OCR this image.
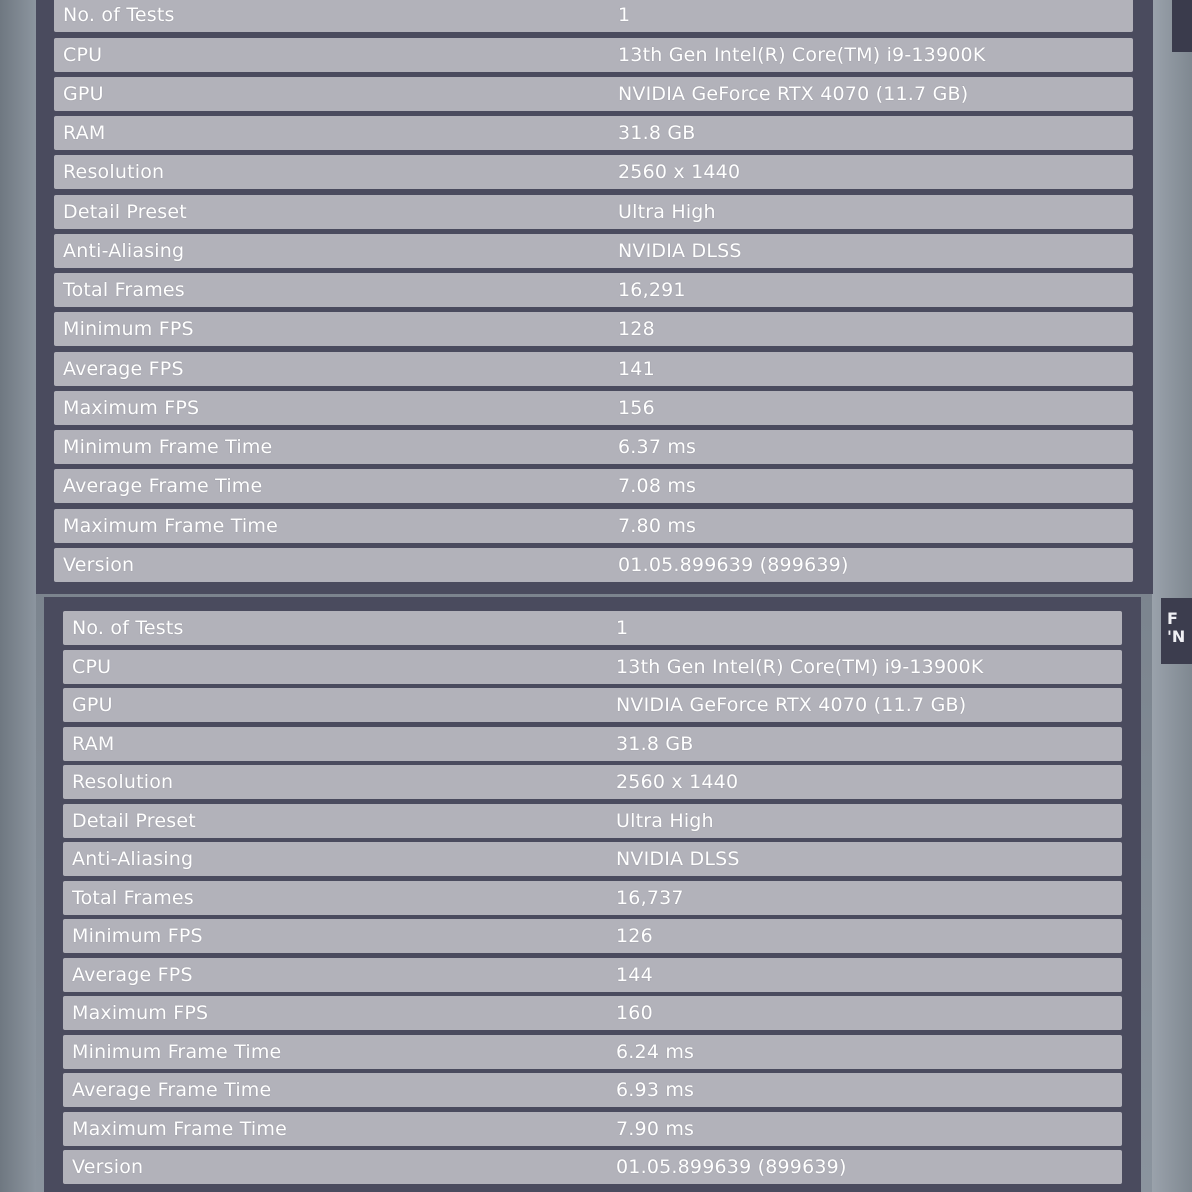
F
'N
No. of Tests	1
CPU	13th Gen Intel(R) Core(TM) i9-13900K
GPU	NVIDIA GeForce RTX 4070 (11.7 GB)
RAM	31.8 GB
Resolution	2560 x 1440
Detail Preset	Ultra High
Anti-Aliasing	NVIDIA DLSS
Total Frames	16,291
Minimum FPS	128
Average FPS	141
Maximum FPS	156
Minimum Frame Time	6.37 ms
Average Frame Time	7.08 ms
Maximum Frame Time	7.80 ms
Version	01.05.899639 (899639)
No. of Tests	1
CPU	13th Gen Intel(R) Core(TM) i9-13900K
GPU	NVIDIA GeForce RTX 4070 (11.7 GB)
RAM	31.8 GB
Resolution	2560 x 1440
Detail Preset	Ultra High
Anti-Aliasing	NVIDIA DLSS
Total Frames	16,737
Minimum FPS	126
Average FPS	144
Maximum FPS	160
Minimum Frame Time	6.24 ms
Average Frame Time	6.93 ms
Maximum Frame Time	7.90 ms
Version	01.05.899639 (899639)
